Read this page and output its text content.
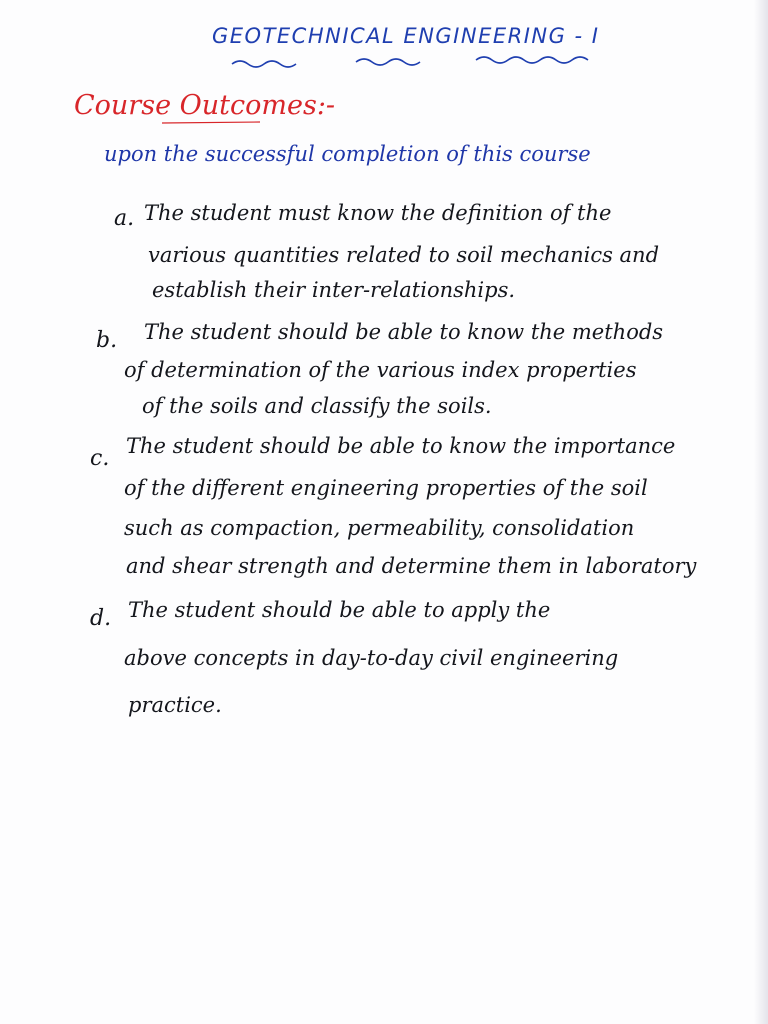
GEOTECHNICAL ENGINEERING - I
Course Outcomes:-
upon the successful completion of this course
a. The student must know the definition of the
various quantities related to soil mechanics and
establish their inter-relationships.
b. The student should be able to know the methods
of determination of the various index properties
of the soils and classify the soils.
c. The student should be able to know the importance
of the different engineering properties of the soil
such as compaction, permeability, consolidation
and shear strength and determine them in laboratory
d. The student should be able to apply the
above concepts in day-to-day civil engineering
practice.
